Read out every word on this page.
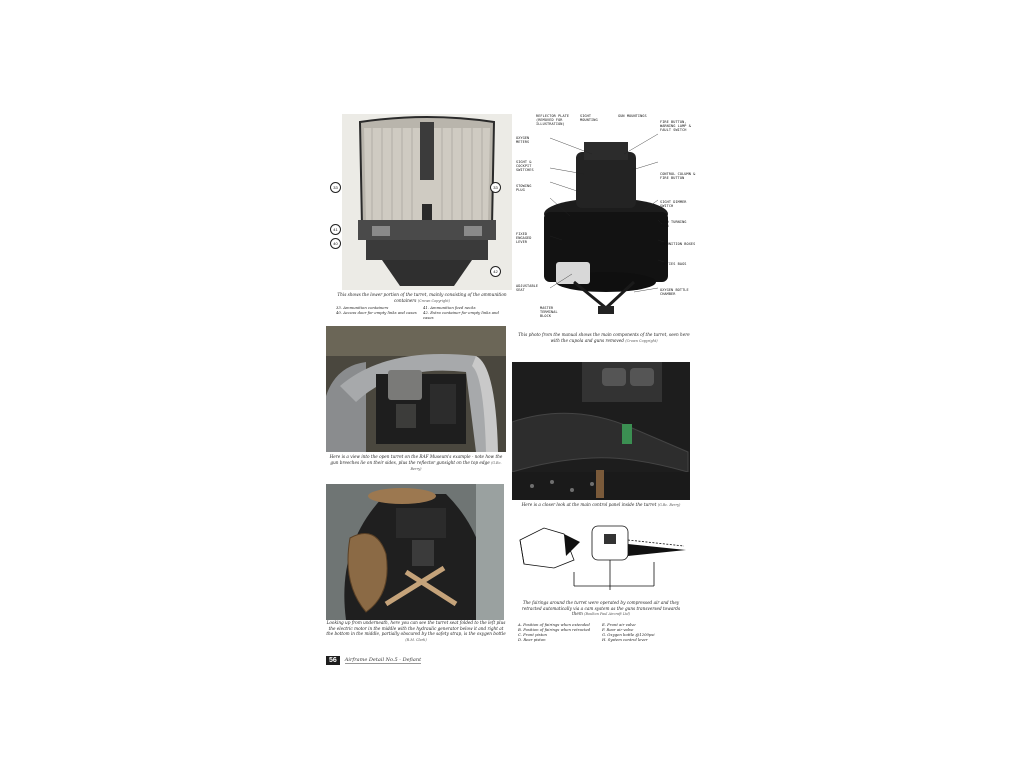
33	33
41
40
42
This shows the lower portion of the turret, mainly consisting of the ammunition containers (Crown Copyright)
33. Ammunition containers	41. Ammunition feed necks
40. Access door for empty links and cases	42. Extra container for empty links and cases
REFLECTOR PLATE (REMOVED FOR ILLUSTRATION)
SIGHT MOUNTING
GUN MOUNTINGS
OXYGEN METERS
SIGHT & COCKPIT SWITCHES
STOWING PLUG
FIXED ENGAGED LEVER
ADJUSTABLE SEAT
MASTER TERMINAL BLOCK
FIRE BUTTON, WARNING LAMP & FAULT SWITCH
CONTROL COLUMN & FIRE BUTTON
SIGHT DIMMER SWITCH
HAND TURNING GEAR
AMMUNITION BOXES
EMPTIES BAGS
OXYGEN BOTTLE CHAMBER
This photo from the manual shows the main components of the turret, seen here with the cupola and guns removed (Crown Copyright)
Here is a view into the open turret on the RAF Museum's example - note how the gun breeches lie on their sides, plus the reflector gunsight on the top edge (G.Rc. Berry)
Here is a closer look at the main control panel inside the turret (G.Rc. Berry)
Looking up from underneath, here you can see the turret seat folded to the left plus the electric motor in the middle with the hydraulic generator below it and right at the bottom in the middle, partially obscured by the safety strap, is the oxygen bottle (R.M. Clark)
The fairings around the turret were operated by compressed air and they retracted automatically via a cam system as the guns transversed towards them (Boulton Paul Aircraft Ltd)
A. Position of fairings when extended	E. Front air valve
B. Position of fairings when retracted	F. Rear air valve
C. Front piston	G. Oxygen bottle @1200psi
D. Rear piston	H. System control lever
56	Airframe Detail No.5 - Defiant
